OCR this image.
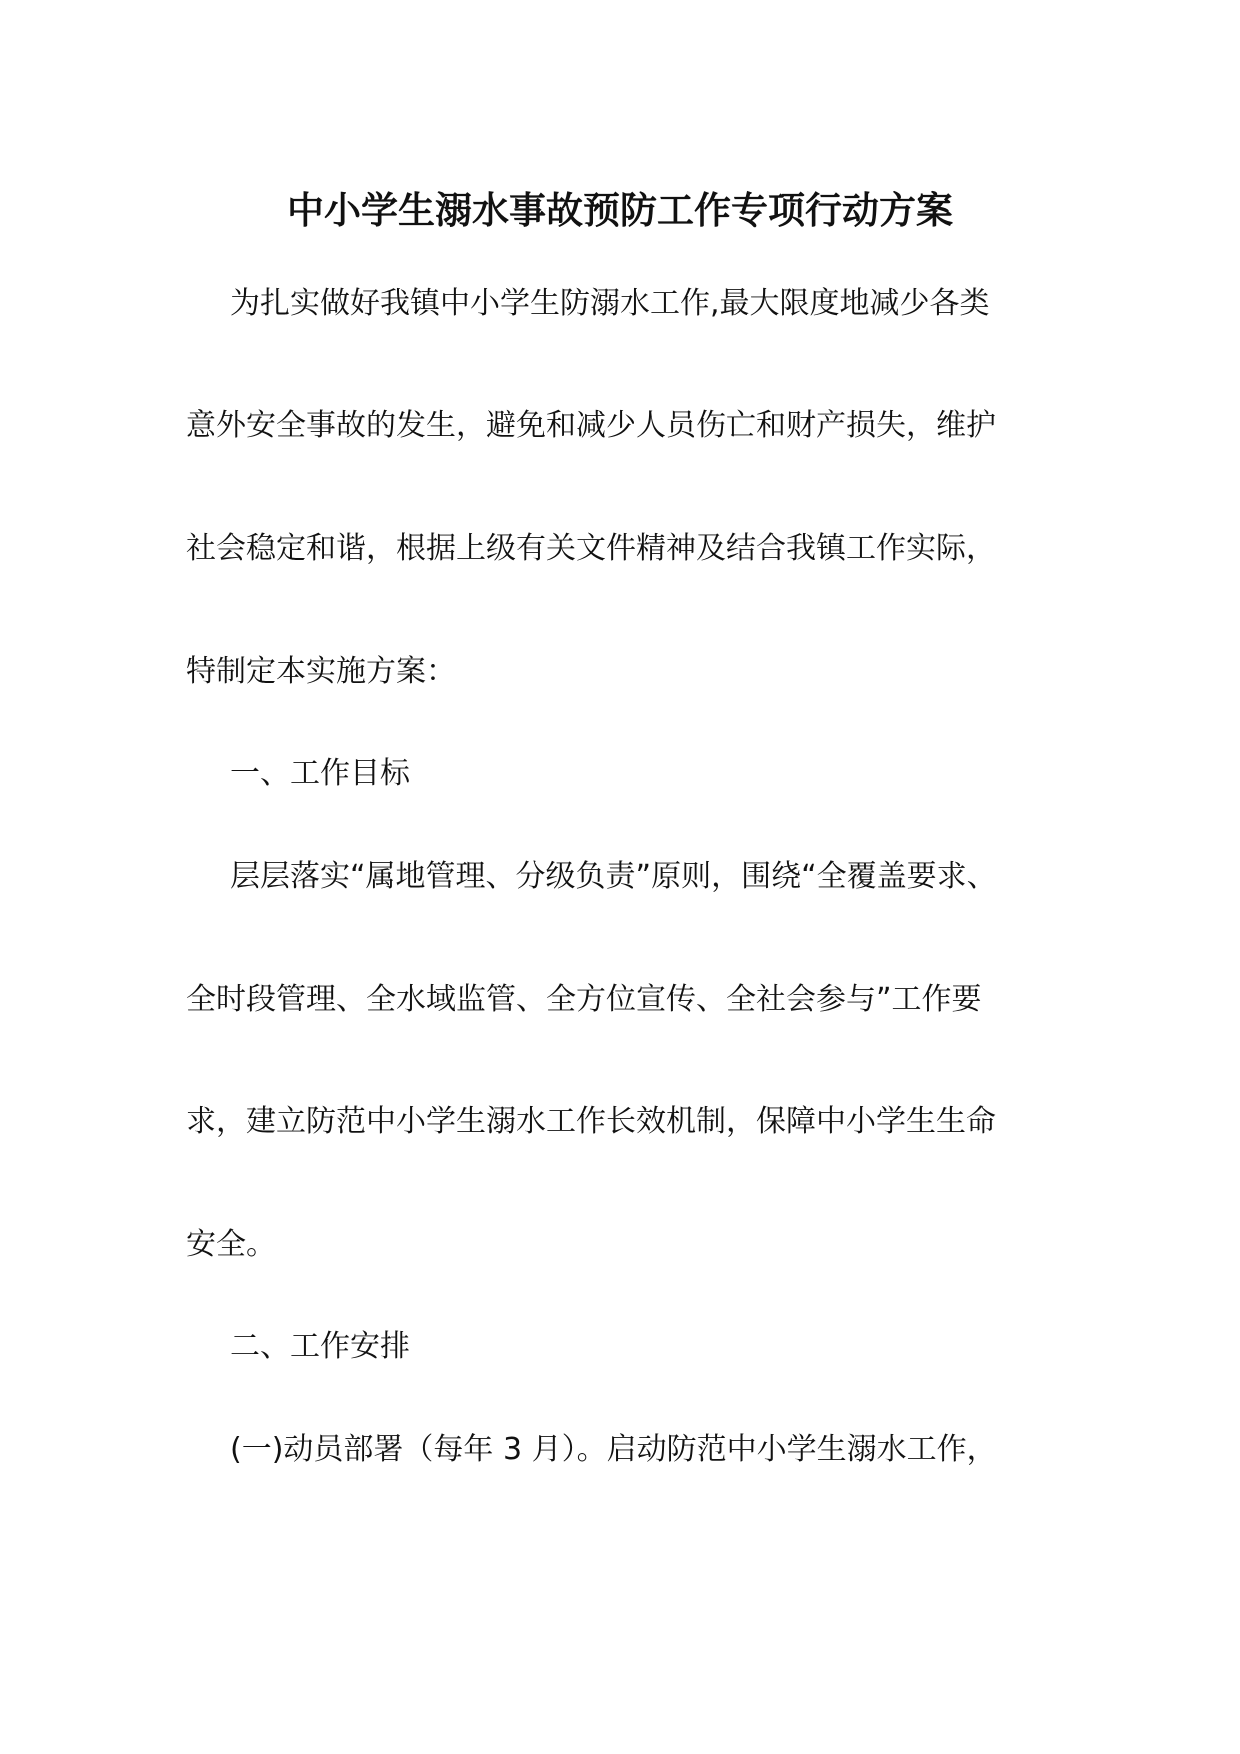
中小学生溺水事故预防工作专项行动方案
为扎实做好我镇中小学生防溺水工作,最大限度地减少各类
意外安全事故的发生，避免和减少人员伤亡和财产损失，维护
社会稳定和谐，根据上级有关文件精神及结合我镇工作实际，
特制定本实施方案：
一、工作目标
层层落实“属地管理、分级负责”原则，围绕“全覆盖要求、
全时段管理、全水域监管、全方位宣传、全社会参与”工作要
求，建立防范中小学生溺水工作长效机制，保障中小学生生命
安全。
二、工作安排
(一)动员部署（每年 3 月）。启动防范中小学生溺水工作，
